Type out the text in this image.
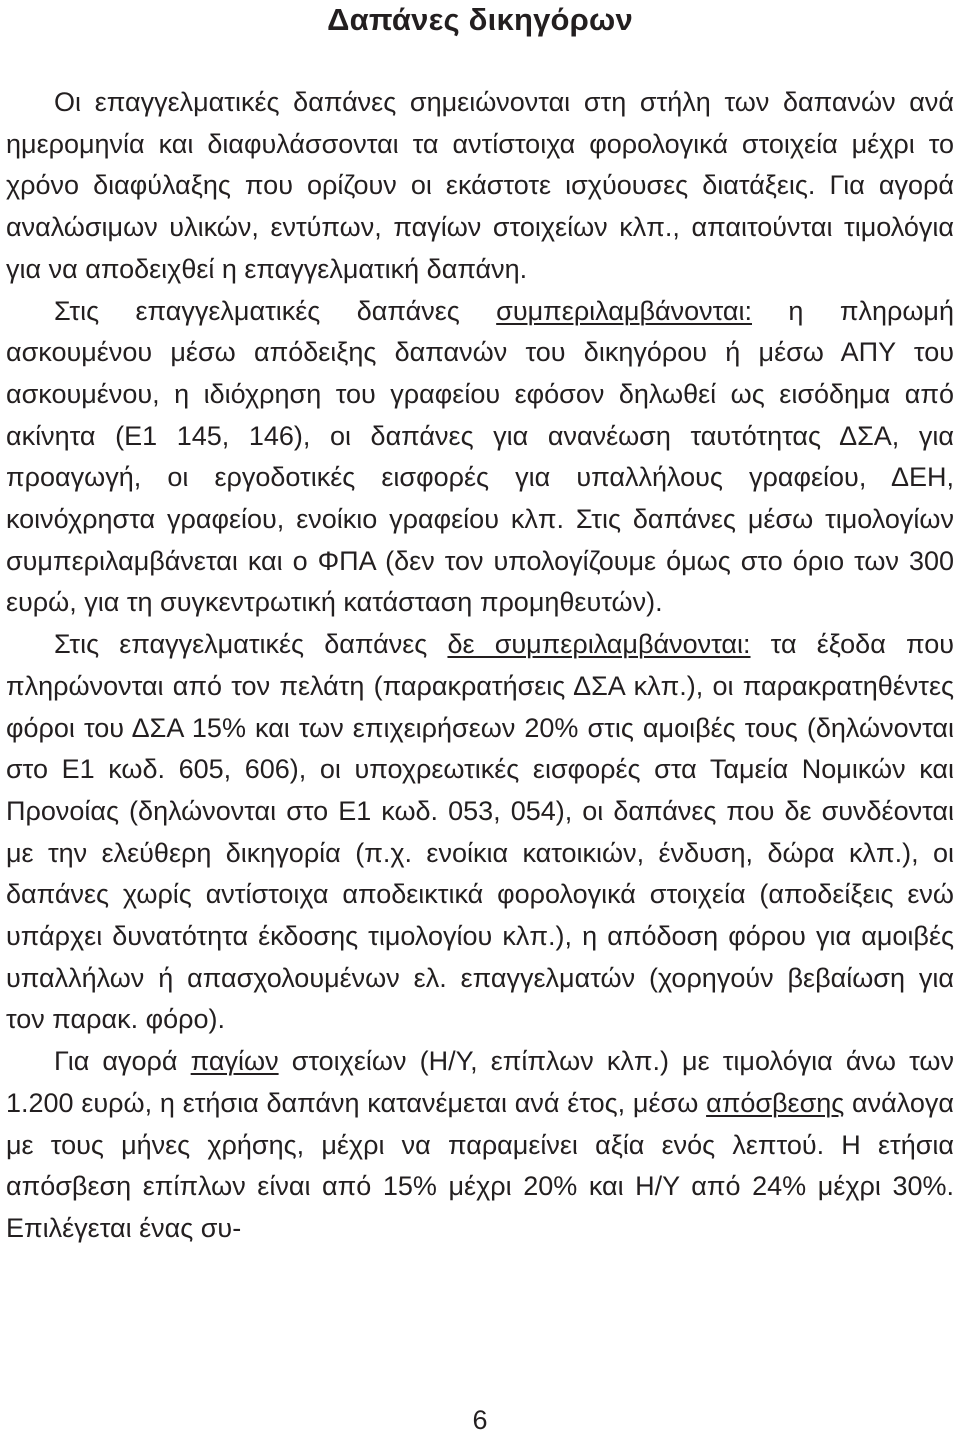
Δαπάνες δικηγόρων

Οι επαγγελματικές δαπάνες σημειώνονται στη στήλη των δαπανών ανά ημερομηνία και διαφυλάσσονται τα αντίστοιχα φορολογικά στοιχεία μέχρι το χρόνο διαφύλαξης που ορίζουν οι εκάστοτε ισχύουσες διατάξεις. Για αγορά αναλώσιμων υλικών, εντύπων, παγίων στοιχείων κλπ., απαιτούνται τιμολόγια για να αποδειχθεί η επαγγελματική δαπάνη.

Στις επαγγελματικές δαπάνες συμπεριλαμβάνονται: η πληρωμή ασκουμένου μέσω απόδειξης δαπανών του δικηγόρου ή μέσω ΑΠΥ του ασκουμένου, η ιδιόχρηση του γραφείου εφόσον δηλωθεί ως εισόδημα από ακίνητα (Ε1 145, 146), οι δαπάνες για ανανέωση ταυτότητας ΔΣΑ, για προαγωγή, οι εργοδοτικές εισφορές για υπαλλήλους γραφείου, ΔΕΗ, κοινόχρηστα γραφείου, ενοίκιο γραφείου κλπ. Στις δαπάνες μέσω τιμολογίων συμπεριλαμβάνεται και ο ΦΠΑ (δεν τον υπολογίζουμε όμως στο όριο των 300 ευρώ, για τη συγκεντρωτική κατάσταση προμηθευτών).

Στις επαγγελματικές δαπάνες δε συμπεριλαμβάνονται: τα έξοδα που πληρώνονται από τον πελάτη (παρακρατήσεις ΔΣΑ κλπ.), οι παρακρατηθέντες φόροι του ΔΣΑ 15% και των επιχειρήσεων 20% στις αμοιβές τους (δηλώνονται στο Ε1 κωδ. 605, 606), οι υποχρεωτικές εισφορές στα Ταμεία Νομικών και Προνοίας (δηλώνονται στο Ε1 κωδ. 053, 054), οι δαπάνες που δε συνδέονται με την ελεύθερη δικηγορία (π.χ. ενοίκια κατοικιών, ένδυση, δώρα κλπ.), οι δαπάνες χωρίς αντίστοιχα αποδεικτικά φορολογικά στοιχεία (αποδείξεις ενώ υπάρχει δυνατότητα έκδοσης τιμολογίου κλπ.), η απόδοση φόρου για αμοιβές υπαλλήλων ή απασχολουμένων ελ. επαγγελματών (χορηγούν βεβαίωση για τον παρακ. φόρο).

Για αγορά παγίων στοιχείων (Η/Υ, επίπλων κλπ.) με τιμολόγια άνω των 1.200 ευρώ, η ετήσια δαπάνη κατανέμεται ανά έτος, μέσω απόσβεσης ανάλογα με τους μήνες χρήσης, μέχρι να παραμείνει αξία ενός λεπτού. Η ετήσια απόσβεση επίπλων είναι από 15% μέχρι 20% και Η/Υ από 24% μέχρι 30%. Επιλέγεται ένας συ-

6
